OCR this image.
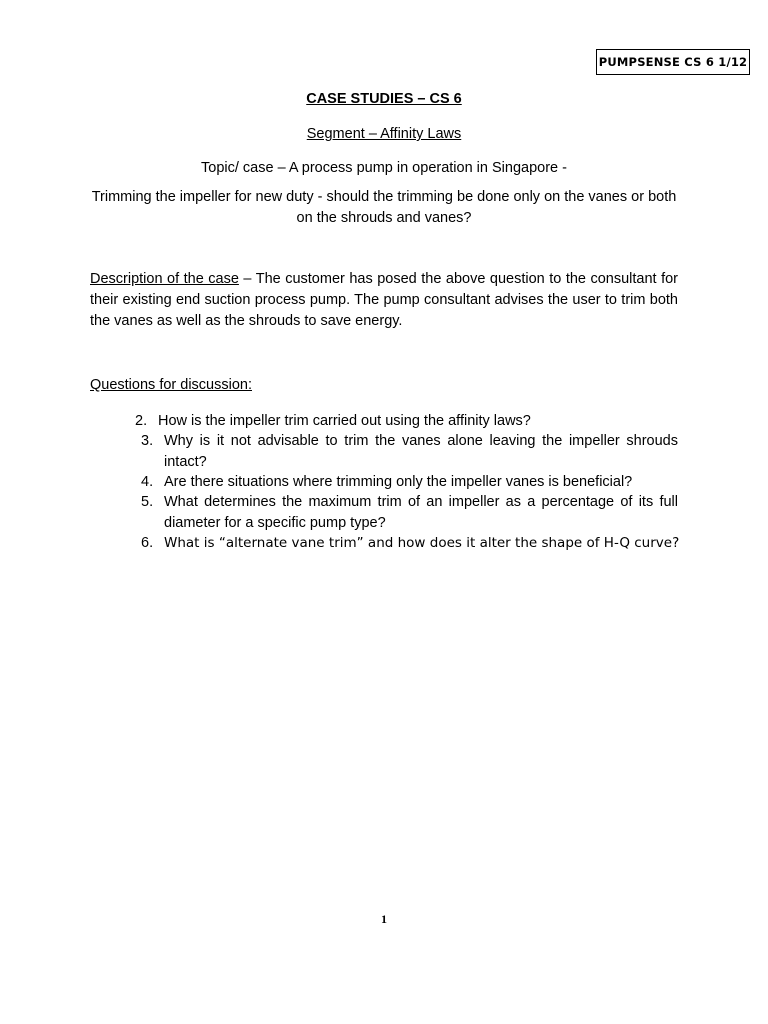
PUMPSENSE CS 6 1/12
CASE STUDIES – CS 6
Segment – Affinity Laws
Topic/ case – A process pump in operation in Singapore -
Trimming the impeller for new duty - should the trimming be done only on the vanes or both on the shrouds and vanes?
Description of the case – The customer has posed the above question to the consultant for their existing end suction process pump. The pump consultant advises the user to trim both the vanes as well as the shrouds to save energy.
Questions for discussion:
2. How is the impeller trim carried out using the affinity laws?
3. Why is it not advisable to trim the vanes alone leaving the impeller shrouds intact?
4. Are there situations where trimming only the impeller vanes is beneficial?
5. What determines the maximum trim of an impeller as a percentage of its full diameter for a specific pump type?
6. What is “alternate vane trim” and how does it alter the shape of H-Q curve?
1
